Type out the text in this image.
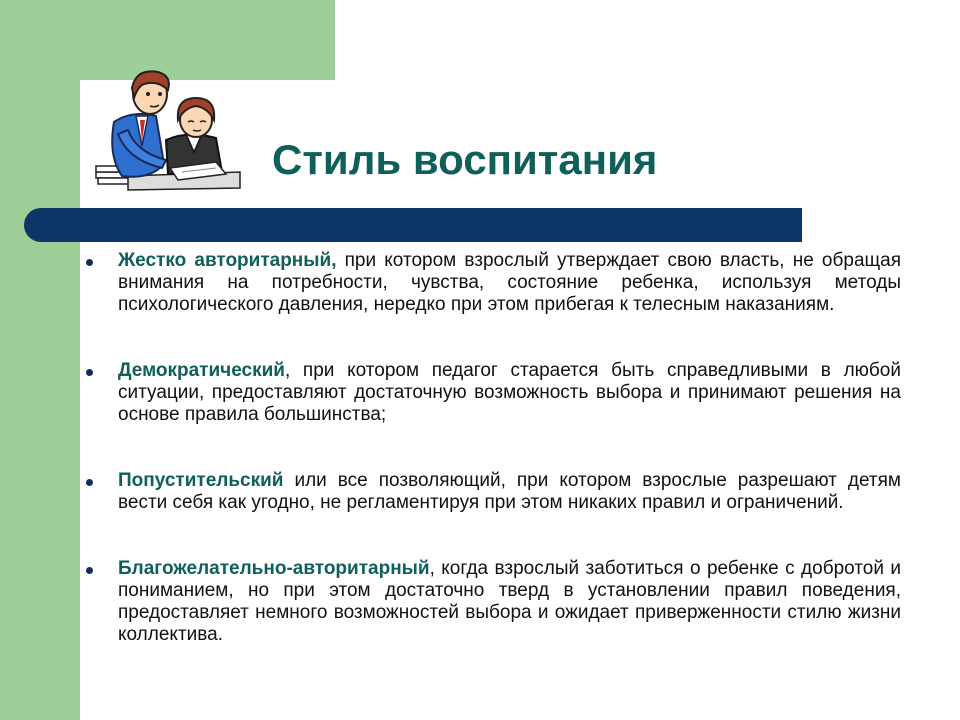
Стиль воспитания
Жестко авторитарный, при котором взрослый утверждает свою власть, не обращая внимания на потребности, чувства, состояние ребенка, используя методы психологического давления, нередко при этом прибегая к телесным наказаниям.
Демократический, при котором педагог старается быть справедливыми в любой ситуации, предоставляют достаточную возможность выбора и принимают решения на основе правила большинства;
Попустительский или все позволяющий, при котором взрослые разрешают детям вести себя как угодно, не регламентируя при этом никаких правил и ограничений.
Благожелательно-авторитарный, когда взрослый заботиться о ребенке с добротой и пониманием, но при этом достаточно тверд в установлении правил поведения, предоставляет немного возможностей выбора и ожидает приверженности стилю жизни коллектива.
